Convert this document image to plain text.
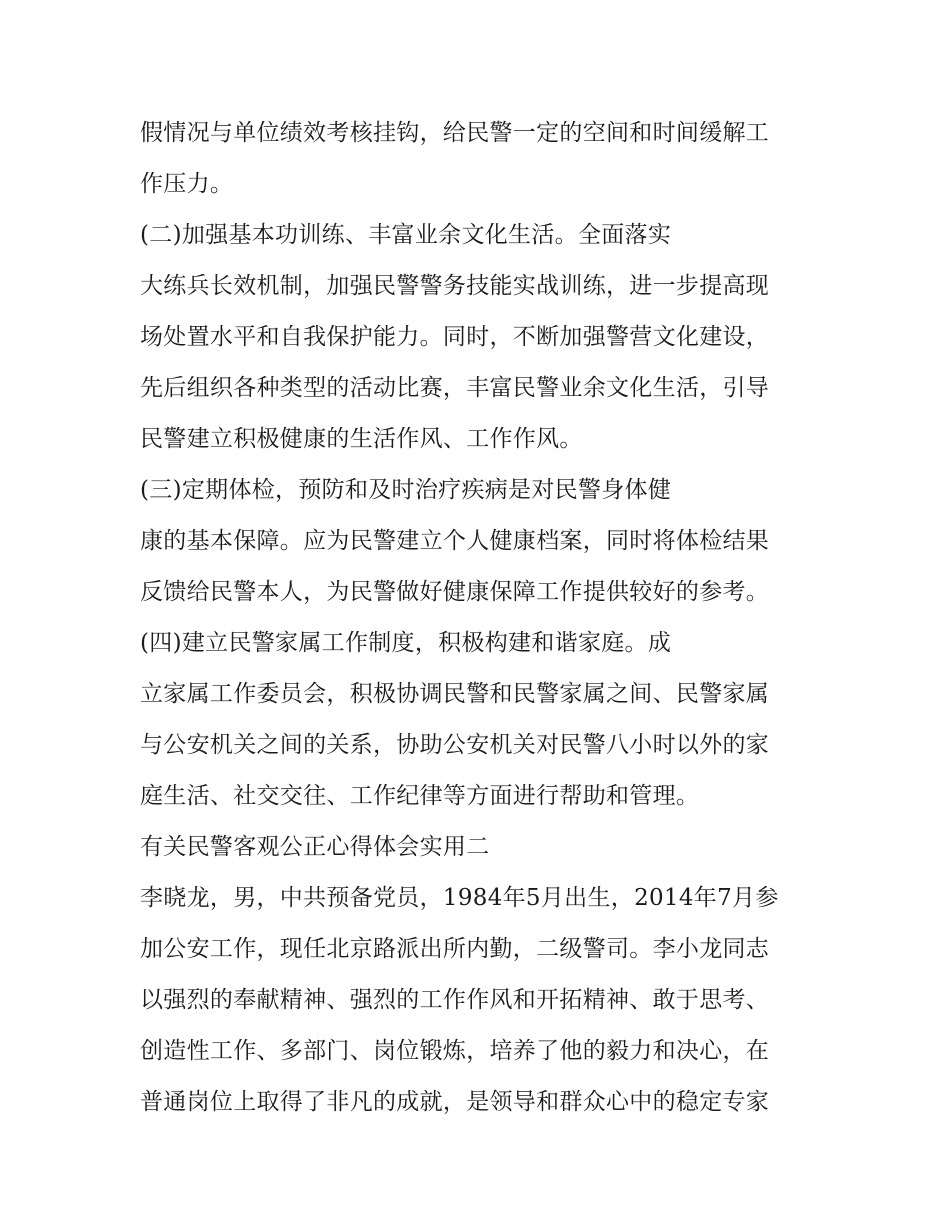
假情况与单位绩效考核挂钩，给民警一定的空间和时间缓解工
作压力。
(二)加强基本功训练、丰富业余文化生活。全面落实
大练兵长效机制，加强民警警务技能实战训练，进一步提高现
场处置水平和自我保护能力。同时，不断加强警营文化建设，
先后组织各种类型的活动比赛，丰富民警业余文化生活，引导
民警建立积极健康的生活作风、工作作风。
(三)定期体检，预防和及时治疗疾病是对民警身体健
康的基本保障。应为民警建立个人健康档案，同时将体检结果
反馈给民警本人，为民警做好健康保障工作提供较好的参考。
(四)建立民警家属工作制度，积极构建和谐家庭。成
立家属工作委员会，积极协调民警和民警家属之间、民警家属
与公安机关之间的关系，协助公安机关对民警八小时以外的家
庭生活、社交交往、工作纪律等方面进行帮助和管理。
有关民警客观公正心得体会实用二
李晓龙，男，中共预备党员，1984年5月出生，2014年7月参
加公安工作，现任北京路派出所内勤，二级警司。李小龙同志
以强烈的奉献精神、强烈的工作作风和开拓精神、敢于思考、
创造性工作、多部门、岗位锻炼，培养了他的毅力和决心，在
普通岗位上取得了非凡的成就，是领导和群众心中的稳定专家
